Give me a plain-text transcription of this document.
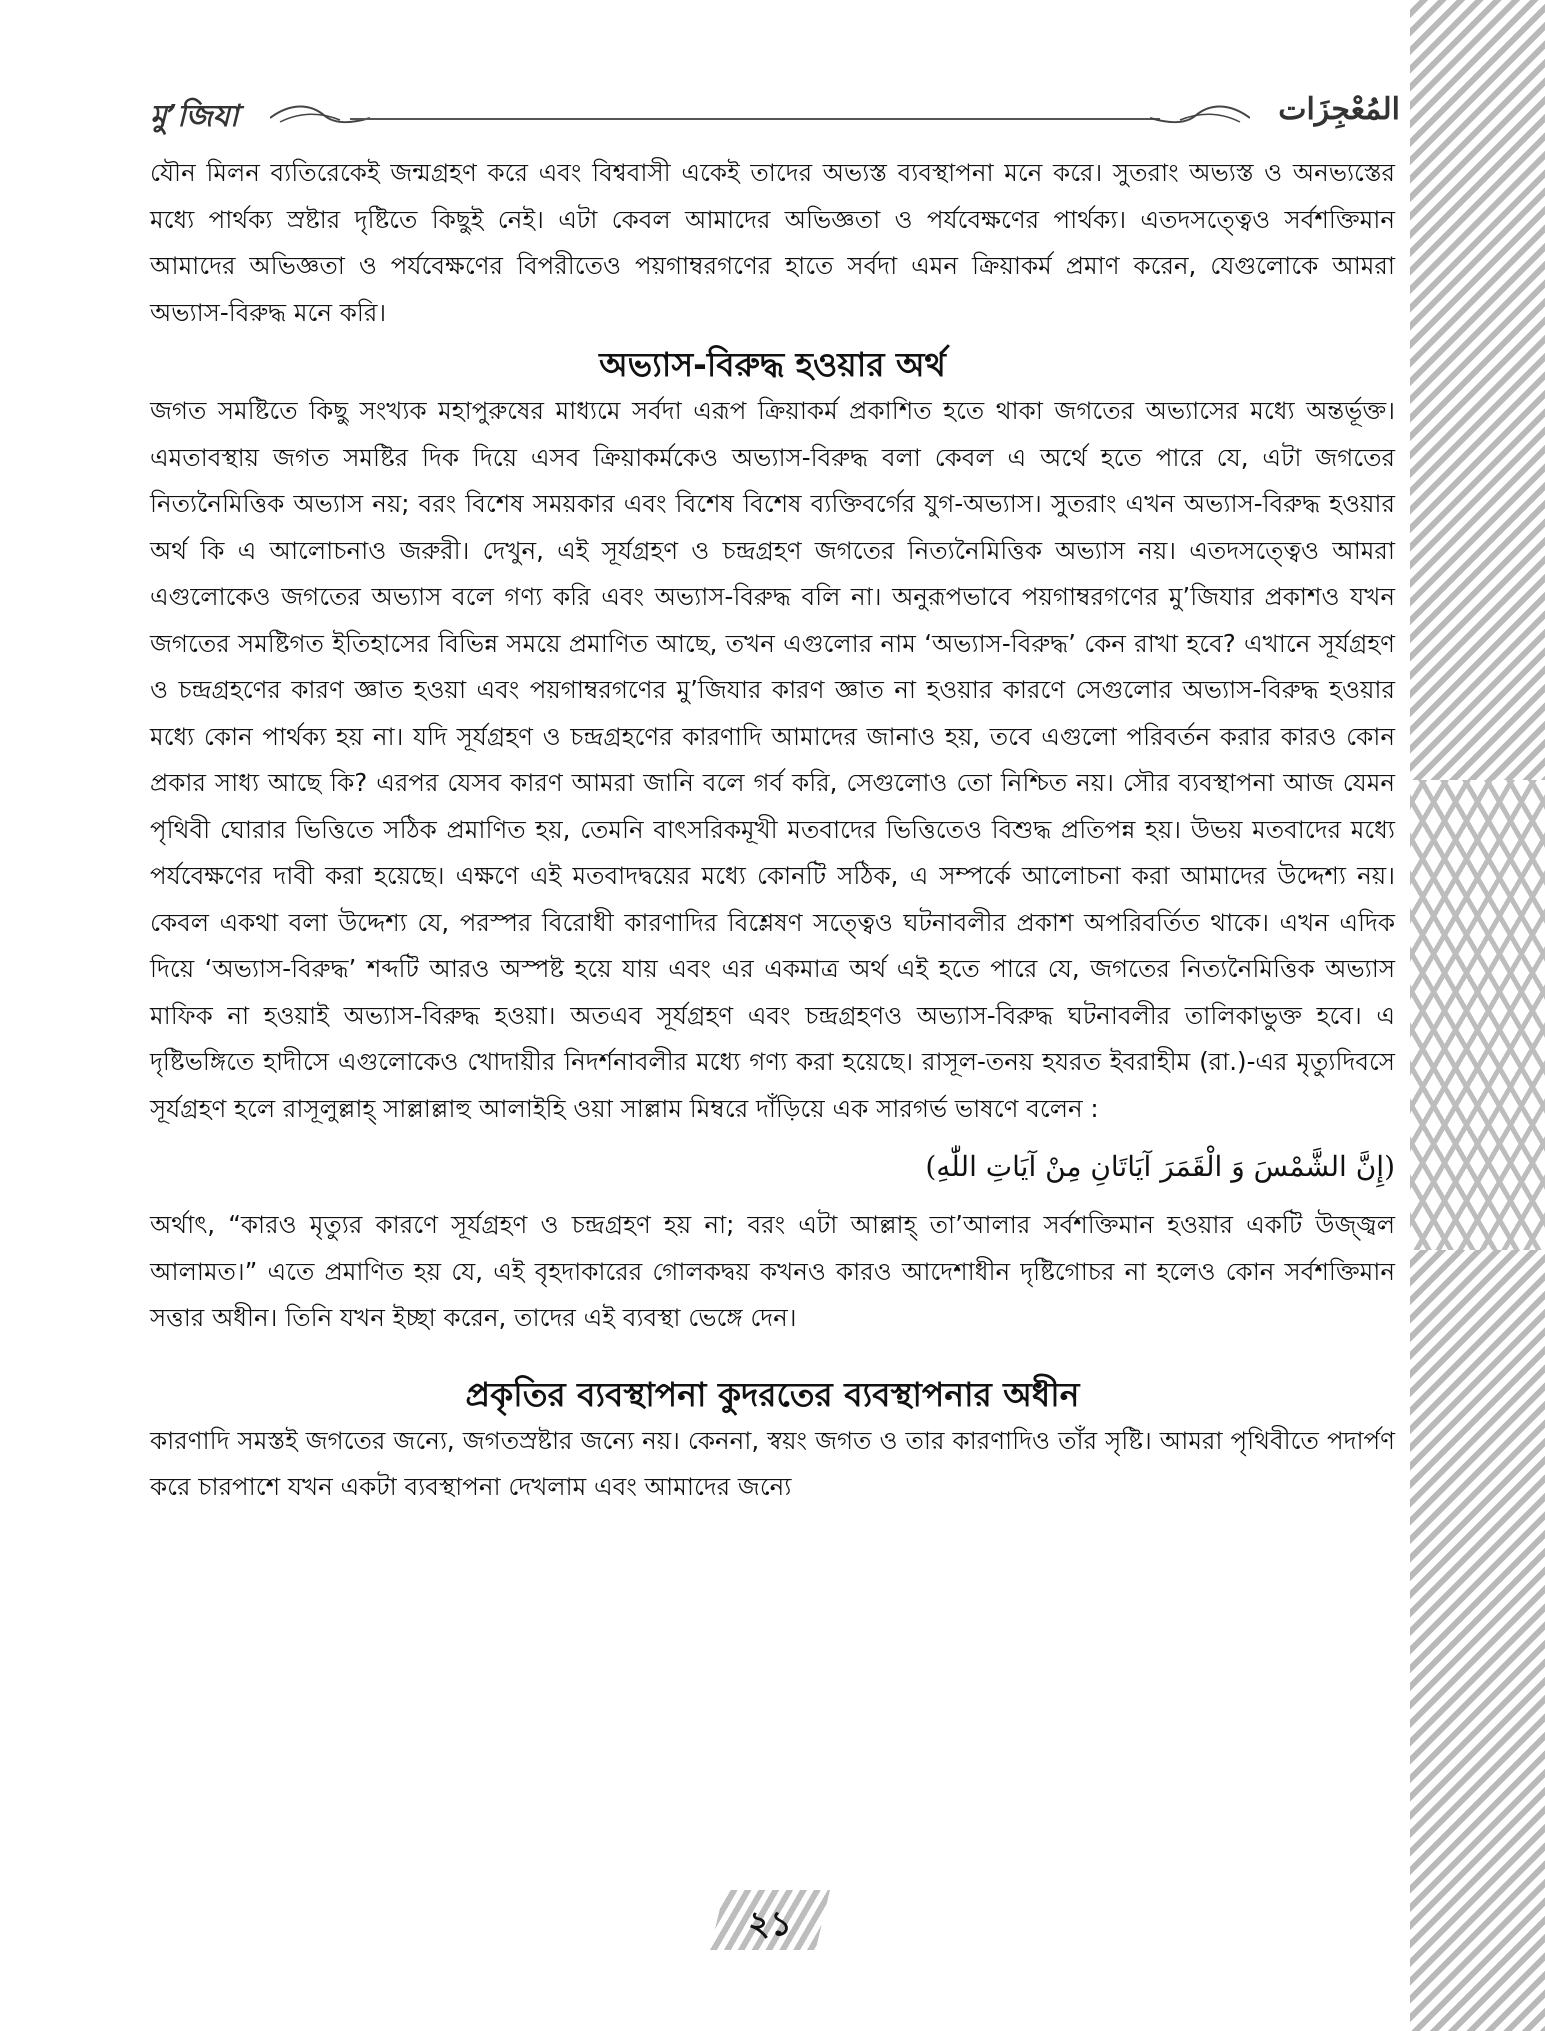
মু’জিযা	المُعْجِزَات

যৌন মিলন ব্যতিরেকেই জন্মগ্রহণ করে এবং বিশ্ববাসী একেই তাদের অভ্যস্ত ব্যবস্থাপনা মনে করে। সুতরাং অভ্যস্ত ও অনভ্যস্তের মধ্যে পার্থক্য স্রষ্টার দৃষ্টিতে কিছুই নেই। এটা কেবল আমাদের অভিজ্ঞতা ও পর্যবেক্ষণের পার্থক্য। এতদসত্ত্বেও সর্বশক্তিমান আমাদের অভিজ্ঞতা ও পর্যবেক্ষণের বিপরীতেও পয়গাম্বরগণের হাতে সর্বদা এমন ক্রিয়াকর্ম প্রমাণ করেন, যেগুলোকে আমরা অভ্যাস-বিরুদ্ধ মনে করি।

অভ্যাস-বিরুদ্ধ হওয়ার অর্থ

জগত সমষ্টিতে কিছু সংখ্যক মহাপুরুষের মাধ্যমে সর্বদা এরূপ ক্রিয়াকর্ম প্রকাশিত হতে থাকা জগতের অভ্যাসের মধ্যে অন্তর্ভূক্ত। এমতাবস্থায় জগত সমষ্টির দিক দিয়ে এসব ক্রিয়াকর্মকেও অভ্যাস-বিরুদ্ধ বলা কেবল এ অর্থে হতে পারে যে, এটা জগতের নিত্যনৈমিত্তিক অভ্যাস নয়; বরং বিশেষ সময়কার এবং বিশেষ বিশেষ ব্যক্তিবর্গের যুগ-অভ্যাস। সুতরাং এখন অভ্যাস-বিরুদ্ধ হওয়ার অর্থ কি এ আলোচনাও জরুরী। দেখুন, এই সূর্যগ্রহণ ও চন্দ্রগ্রহণ জগতের নিত্যনৈমিত্তিক অভ্যাস নয়। এতদসত্ত্বেও আমরা এগুলোকেও জগতের অভ্যাস বলে গণ্য করি এবং অভ্যাস-বিরুদ্ধ বলি না। অনুরূপভাবে পয়গাম্বরগণের মু’জিযার প্রকাশও যখন জগতের সমষ্টিগত ইতিহাসের বিভিন্ন সময়ে প্রমাণিত আছে, তখন এগুলোর নাম ‘অভ্যাস-বিরুদ্ধ’ কেন রাখা হবে? এখানে সূর্যগ্রহণ ও চন্দ্রগ্রহণের কারণ জ্ঞাত হওয়া এবং পয়গাম্বরগণের মু’জিযার কারণ জ্ঞাত না হওয়ার কারণে সেগুলোর অভ্যাস-বিরুদ্ধ হওয়ার মধ্যে কোন পার্থক্য হয় না। যদি সূর্যগ্রহণ ও চন্দ্রগ্রহণের কারণাদি আমাদের জানাও হয়, তবে এগুলো পরিবর্তন করার কারও কোন প্রকার সাধ্য আছে কি? এরপর যেসব কারণ আমরা জানি বলে গর্ব করি, সেগুলোও তো নিশ্চিত নয়। সৌর ব্যবস্থাপনা আজ যেমন পৃথিবী ঘোরার ভিত্তিতে সঠিক প্রমাণিত হয়, তেমনি বাৎসরিকমূখী মতবাদের ভিত্তিতেও বিশুদ্ধ প্রতিপন্ন হয়। উভয় মতবাদের মধ্যে পর্যবেক্ষণের দাবী করা হয়েছে। এক্ষণে এই মতবাদদ্বয়ের মধ্যে কোনটি সঠিক, এ সম্পর্কে আলোচনা করা আমাদের উদ্দেশ্য নয়। কেবল একথা বলা উদ্দেশ্য যে, পরস্পর বিরোধী কারণাদির বিশ্লেষণ সত্ত্বেও ঘটনাবলীর প্রকাশ অপরিবর্তিত থাকে। এখন এদিক দিয়ে ‘অভ্যাস-বিরুদ্ধ’ শব্দটি আরও অস্পষ্ট হয়ে যায় এবং এর একমাত্র অর্থ এই হতে পারে যে, জগতের নিত্যনৈমিত্তিক অভ্যাস মাফিক না হওয়াই অভ্যাস-বিরুদ্ধ হওয়া। অতএব সূর্যগ্রহণ এবং চন্দ্রগ্রহণও অভ্যাস-বিরুদ্ধ ঘটনাবলীর তালিকাভুক্ত হবে। এ দৃষ্টিভঙ্গিতে হাদীসে এগুলোকেও খোদায়ীর নিদর্শনাবলীর মধ্যে গণ্য করা হয়েছে। রাসূল-তনয় হযরত ইবরাহীম (রা.)-এর মৃত্যুদিবসে সূর্যগ্রহণ হলে রাসূলুল্লাহ্‌ সাল্লাল্লাহু আলাইহি ওয়া সাল্লাম মিম্বরে দাঁড়িয়ে এক সারগর্ভ ভাষণে বলেন :

(إِنَّ الشَّمْسَ وَ الْقَمَرَ آيَاتَانِ مِنْ آيَاتِ اللّٰهِ)

অর্থাৎ, “কারও মৃত্যুর কারণে সূর্যগ্রহণ ও চন্দ্রগ্রহণ হয় না; বরং এটা আল্লাহ্‌ তা’আলার সর্বশক্তিমান হওয়ার একটি উজ্জ্বল আলামত।” এতে প্রমাণিত হয় যে, এই বৃহদাকারের গোলকদ্বয় কখনও কারও আদেশাধীন দৃষ্টিগোচর না হলেও কোন সর্বশক্তিমান সত্তার অধীন। তিনি যখন ইচ্ছা করেন, তাদের এই ব্যবস্থা ভেঙ্গে দেন।

প্রকৃতির ব্যবস্থাপনা কুদরতের ব্যবস্থাপনার অধীন

কারণাদি সমস্তই জগতের জন্যে, জগতস্রষ্টার জন্যে নয়। কেননা, স্বয়ং জগত ও তার কারণাদিও তাঁর সৃষ্টি। আমরা পৃথিবীতে পদার্পণ করে চারপাশে যখন একটা ব্যবস্থাপনা দেখলাম এবং আমাদের জন্যে

২১
